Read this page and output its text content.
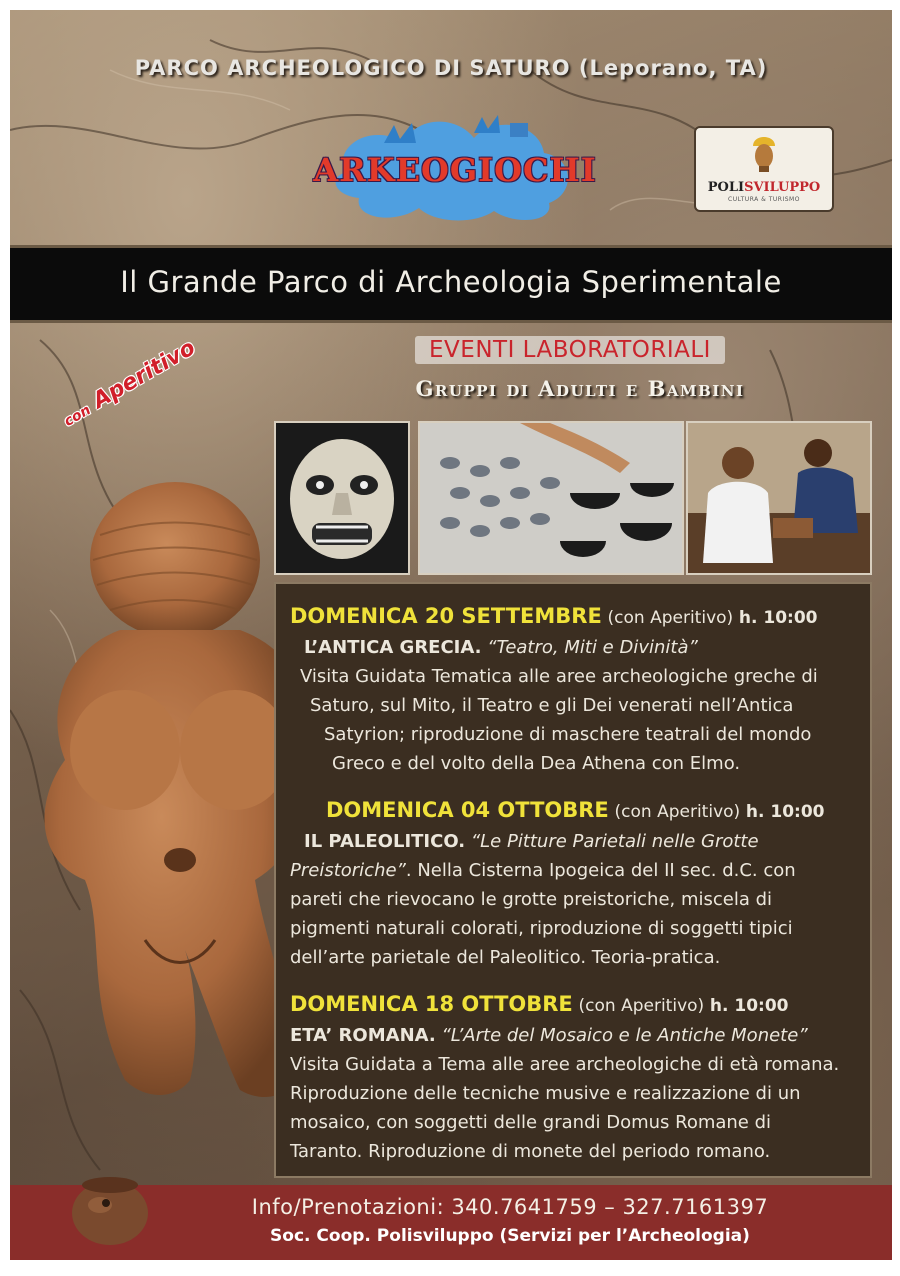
PARCO ARCHEOLOGICO DI SATURO (Leporano, TA)
ARKEOGIOCHI	POLISVILUPPO
CULTURA & TURISMO
Il Grande Parco di Archeologia Sperimentale
con Aperitivo	EVENTI LABORATORIALI
Gruppi di Adulti e Bambini

DOMENICA 20 SETTEMBRE (con Aperitivo) h. 10:00

L’ANTICA GRECIA. “Teatro, Miti e Divinità”

Visita Guidata Tematica alle aree archeologiche greche di

Saturo, sul Mito, il Teatro e gli Dei venerati nell’Antica

Satyrion; riproduzione di maschere teatrali del mondo

Greco e del volto della Dea Athena con Elmo.

DOMENICA 04 OTTOBRE (con Aperitivo) h. 10:00

IL PALEOLITICO. “Le Pitture Parietali nelle Grotte

Preistoriche”. Nella Cisterna Ipogeica del II sec. d.C. con

pareti che rievocano le grotte preistoriche, miscela di

pigmenti naturali colorati, riproduzione di soggetti tipici

dell’arte parietale del Paleolitico. Teoria-pratica.

DOMENICA 18 OTTOBRE (con Aperitivo) h. 10:00

ETA’ ROMANA. “L’Arte del Mosaico e le Antiche Monete”

Visita Guidata a Tema alle aree archeologiche di età romana.

Riproduzione delle tecniche musive e realizzazione di un

mosaico, con soggetti delle grandi Domus Romane di

Taranto. Riproduzione di monete del periodo romano.

Info/Prenotazioni: 340.7641759 – 327.7161397
Soc. Coop. Polisviluppo (Servizi per l’Archeologia)
